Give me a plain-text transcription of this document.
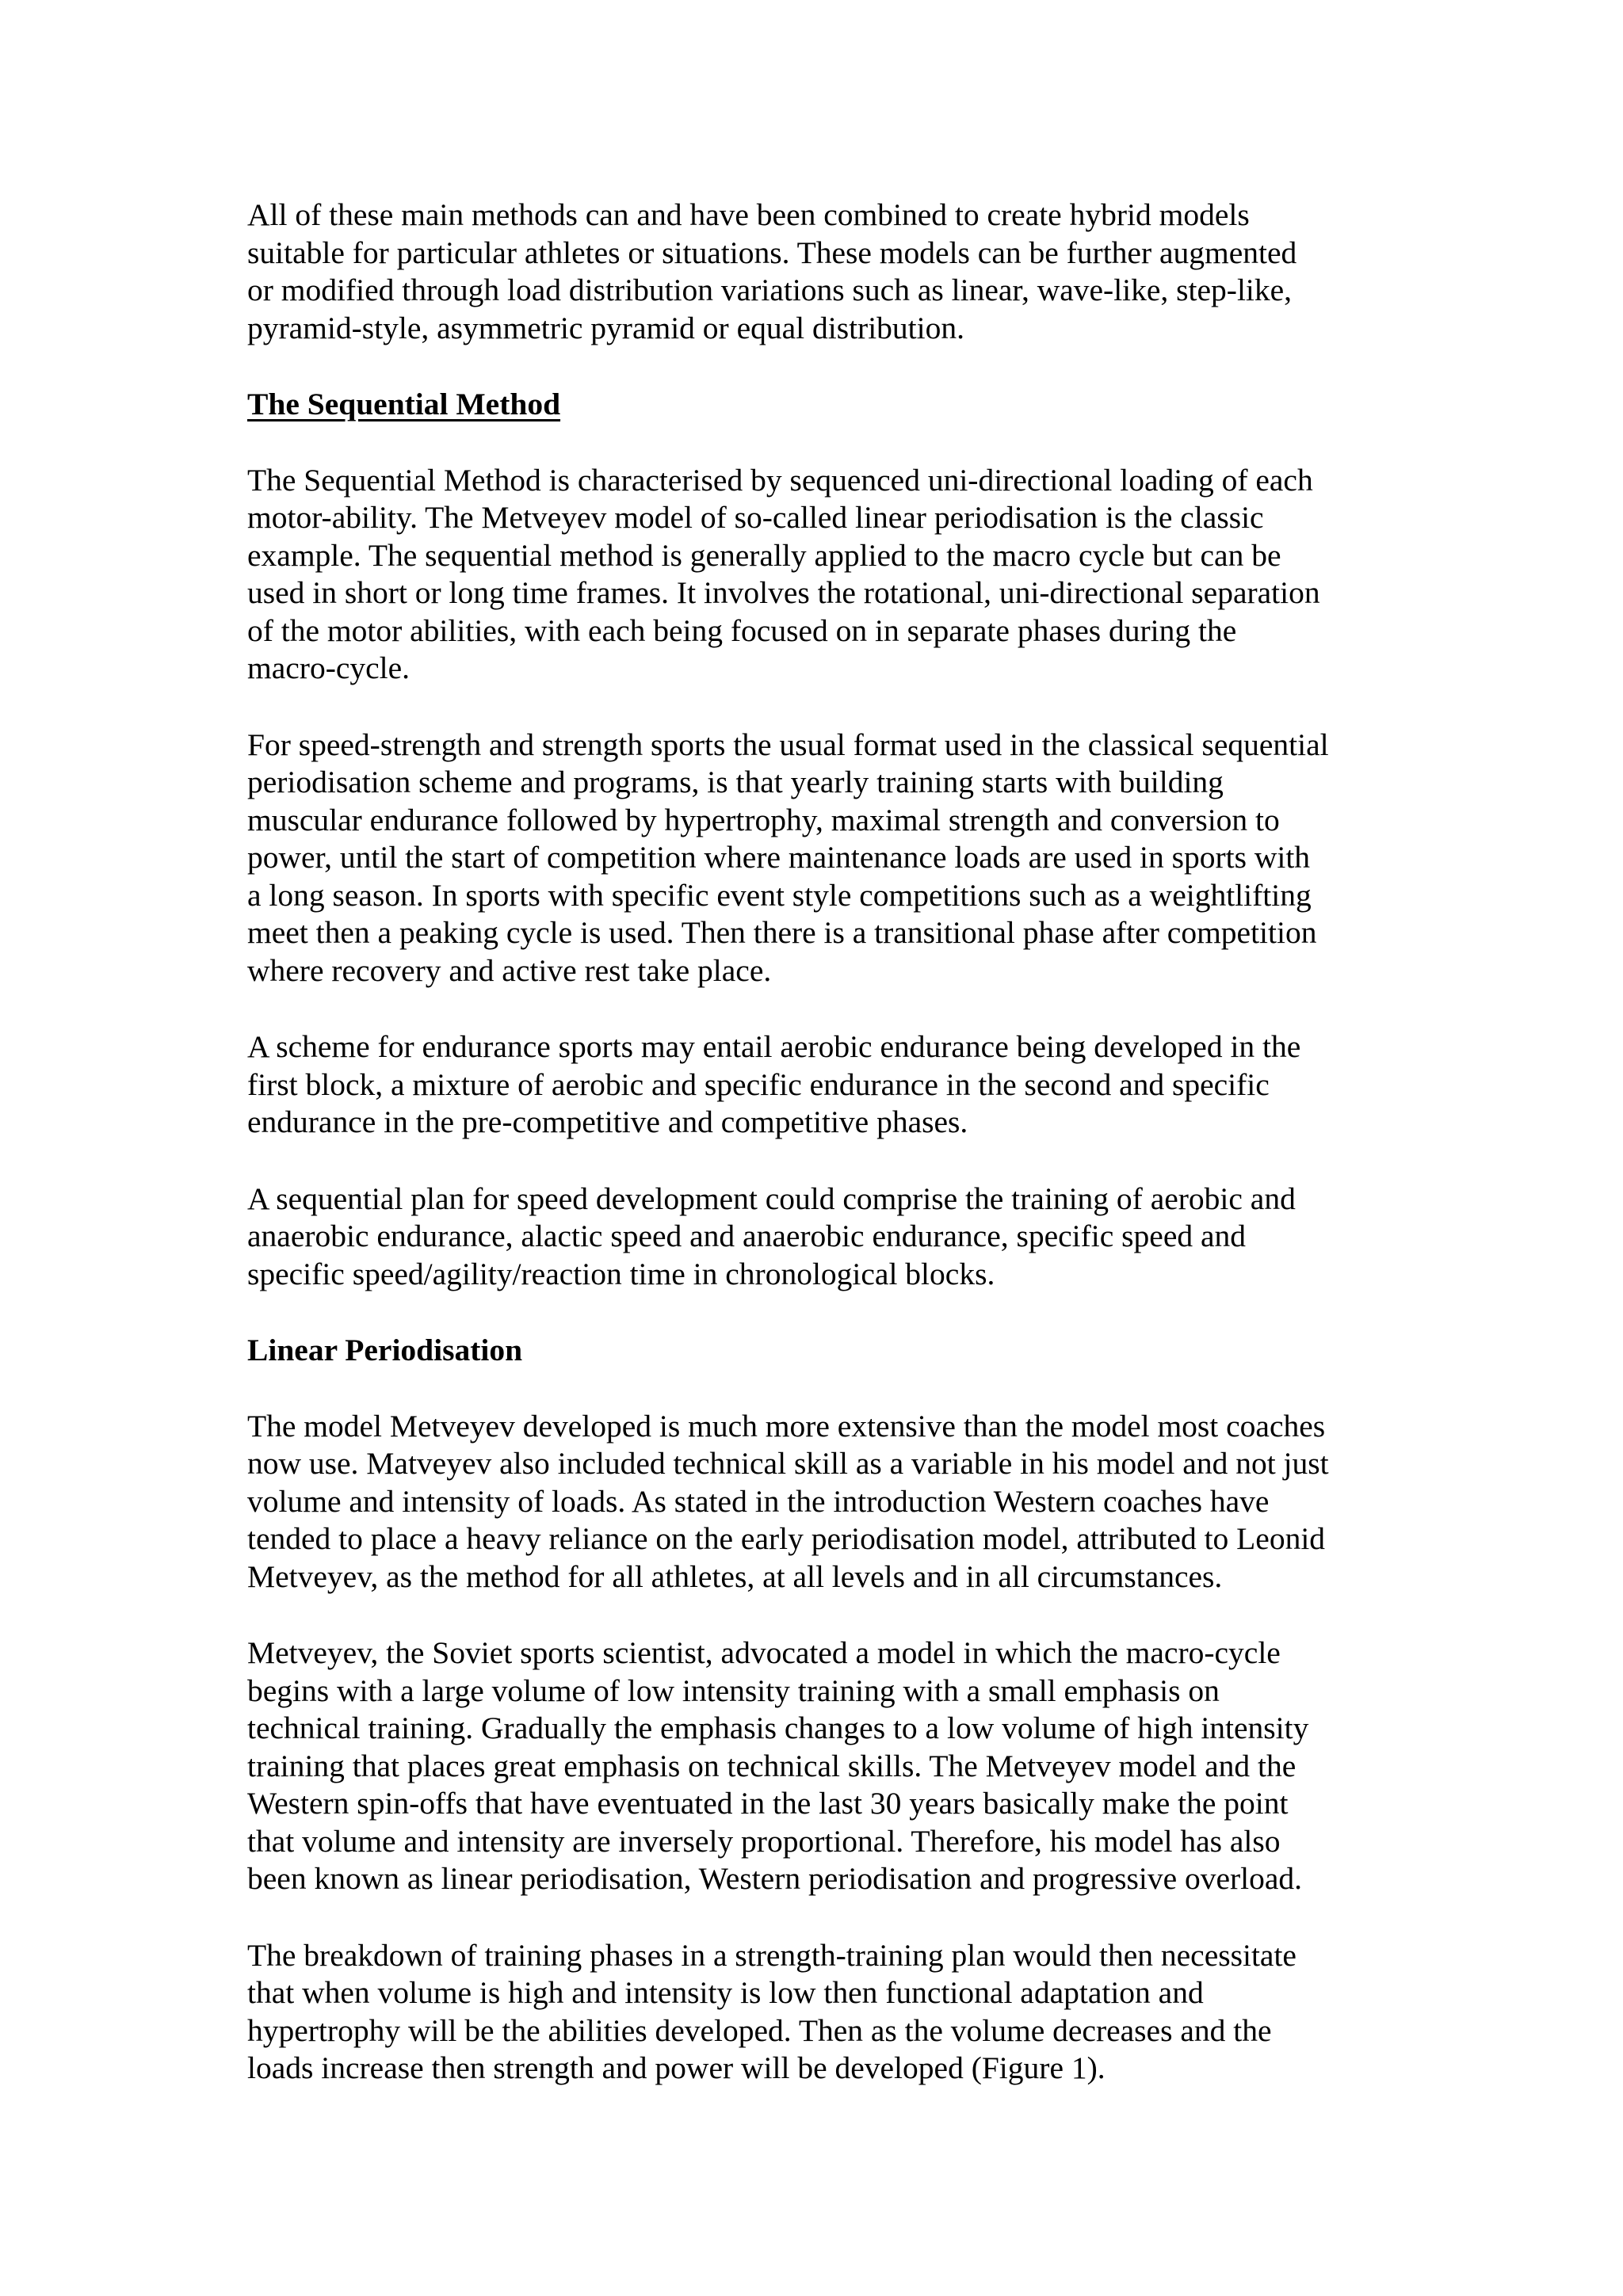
All of these main methods can and have been combined to create hybrid models
suitable for particular athletes or situations. These models can be further augmented
or modified through load distribution variations such as linear, wave-like, step-like,
pyramid-style, asymmetric pyramid or equal distribution.

The Sequential Method

The Sequential Method is characterised by sequenced uni-directional loading of each
motor-ability. The Metveyev model of so-called linear periodisation is the classic
example. The sequential method is generally applied to the macro cycle but can be
used in short or long time frames. It involves the rotational, uni-directional separation
of the motor abilities, with each being focused on in separate phases during the
macro-cycle.

For speed-strength and strength sports the usual format used in the classical sequential
periodisation scheme and programs, is that yearly training starts with building
muscular endurance followed by hypertrophy, maximal strength and conversion to
power, until the start of competition where maintenance loads are used in sports with
a long season. In sports with specific event style competitions such as a weightlifting
meet then a peaking cycle is used. Then there is a transitional phase after competition
where recovery and active rest take place.

A scheme for endurance sports may entail aerobic endurance being developed in the
first block, a mixture of aerobic and specific endurance in the second and specific
endurance in the pre-competitive and competitive phases.

A sequential plan for speed development could comprise the training of aerobic and
anaerobic endurance, alactic speed and anaerobic endurance, specific speed and
specific speed/agility/reaction time in chronological blocks.

Linear Periodisation

The model Metveyev developed is much more extensive than the model most coaches
now use. Matveyev also included technical skill as a variable in his model and not just
volume and intensity of loads. As stated in the introduction Western coaches have
tended to place a heavy reliance on the early periodisation model, attributed to Leonid
Metveyev, as the method for all athletes, at all levels and in all circumstances.

Metveyev, the Soviet sports scientist, advocated a model in which the macro-cycle
begins with a large volume of low intensity training with a small emphasis on
technical training. Gradually the emphasis changes to a low volume of high intensity
training that places great emphasis on technical skills. The Metveyev model and the
Western spin-offs that have eventuated in the last 30 years basically make the point
that volume and intensity are inversely proportional. Therefore, his model has also
been known as linear periodisation, Western periodisation and progressive overload.

The breakdown of training phases in a strength-training plan would then necessitate
that when volume is high and intensity is low then functional adaptation and
hypertrophy will be the abilities developed. Then as the volume decreases and the
loads increase then strength and power will be developed (Figure 1).
